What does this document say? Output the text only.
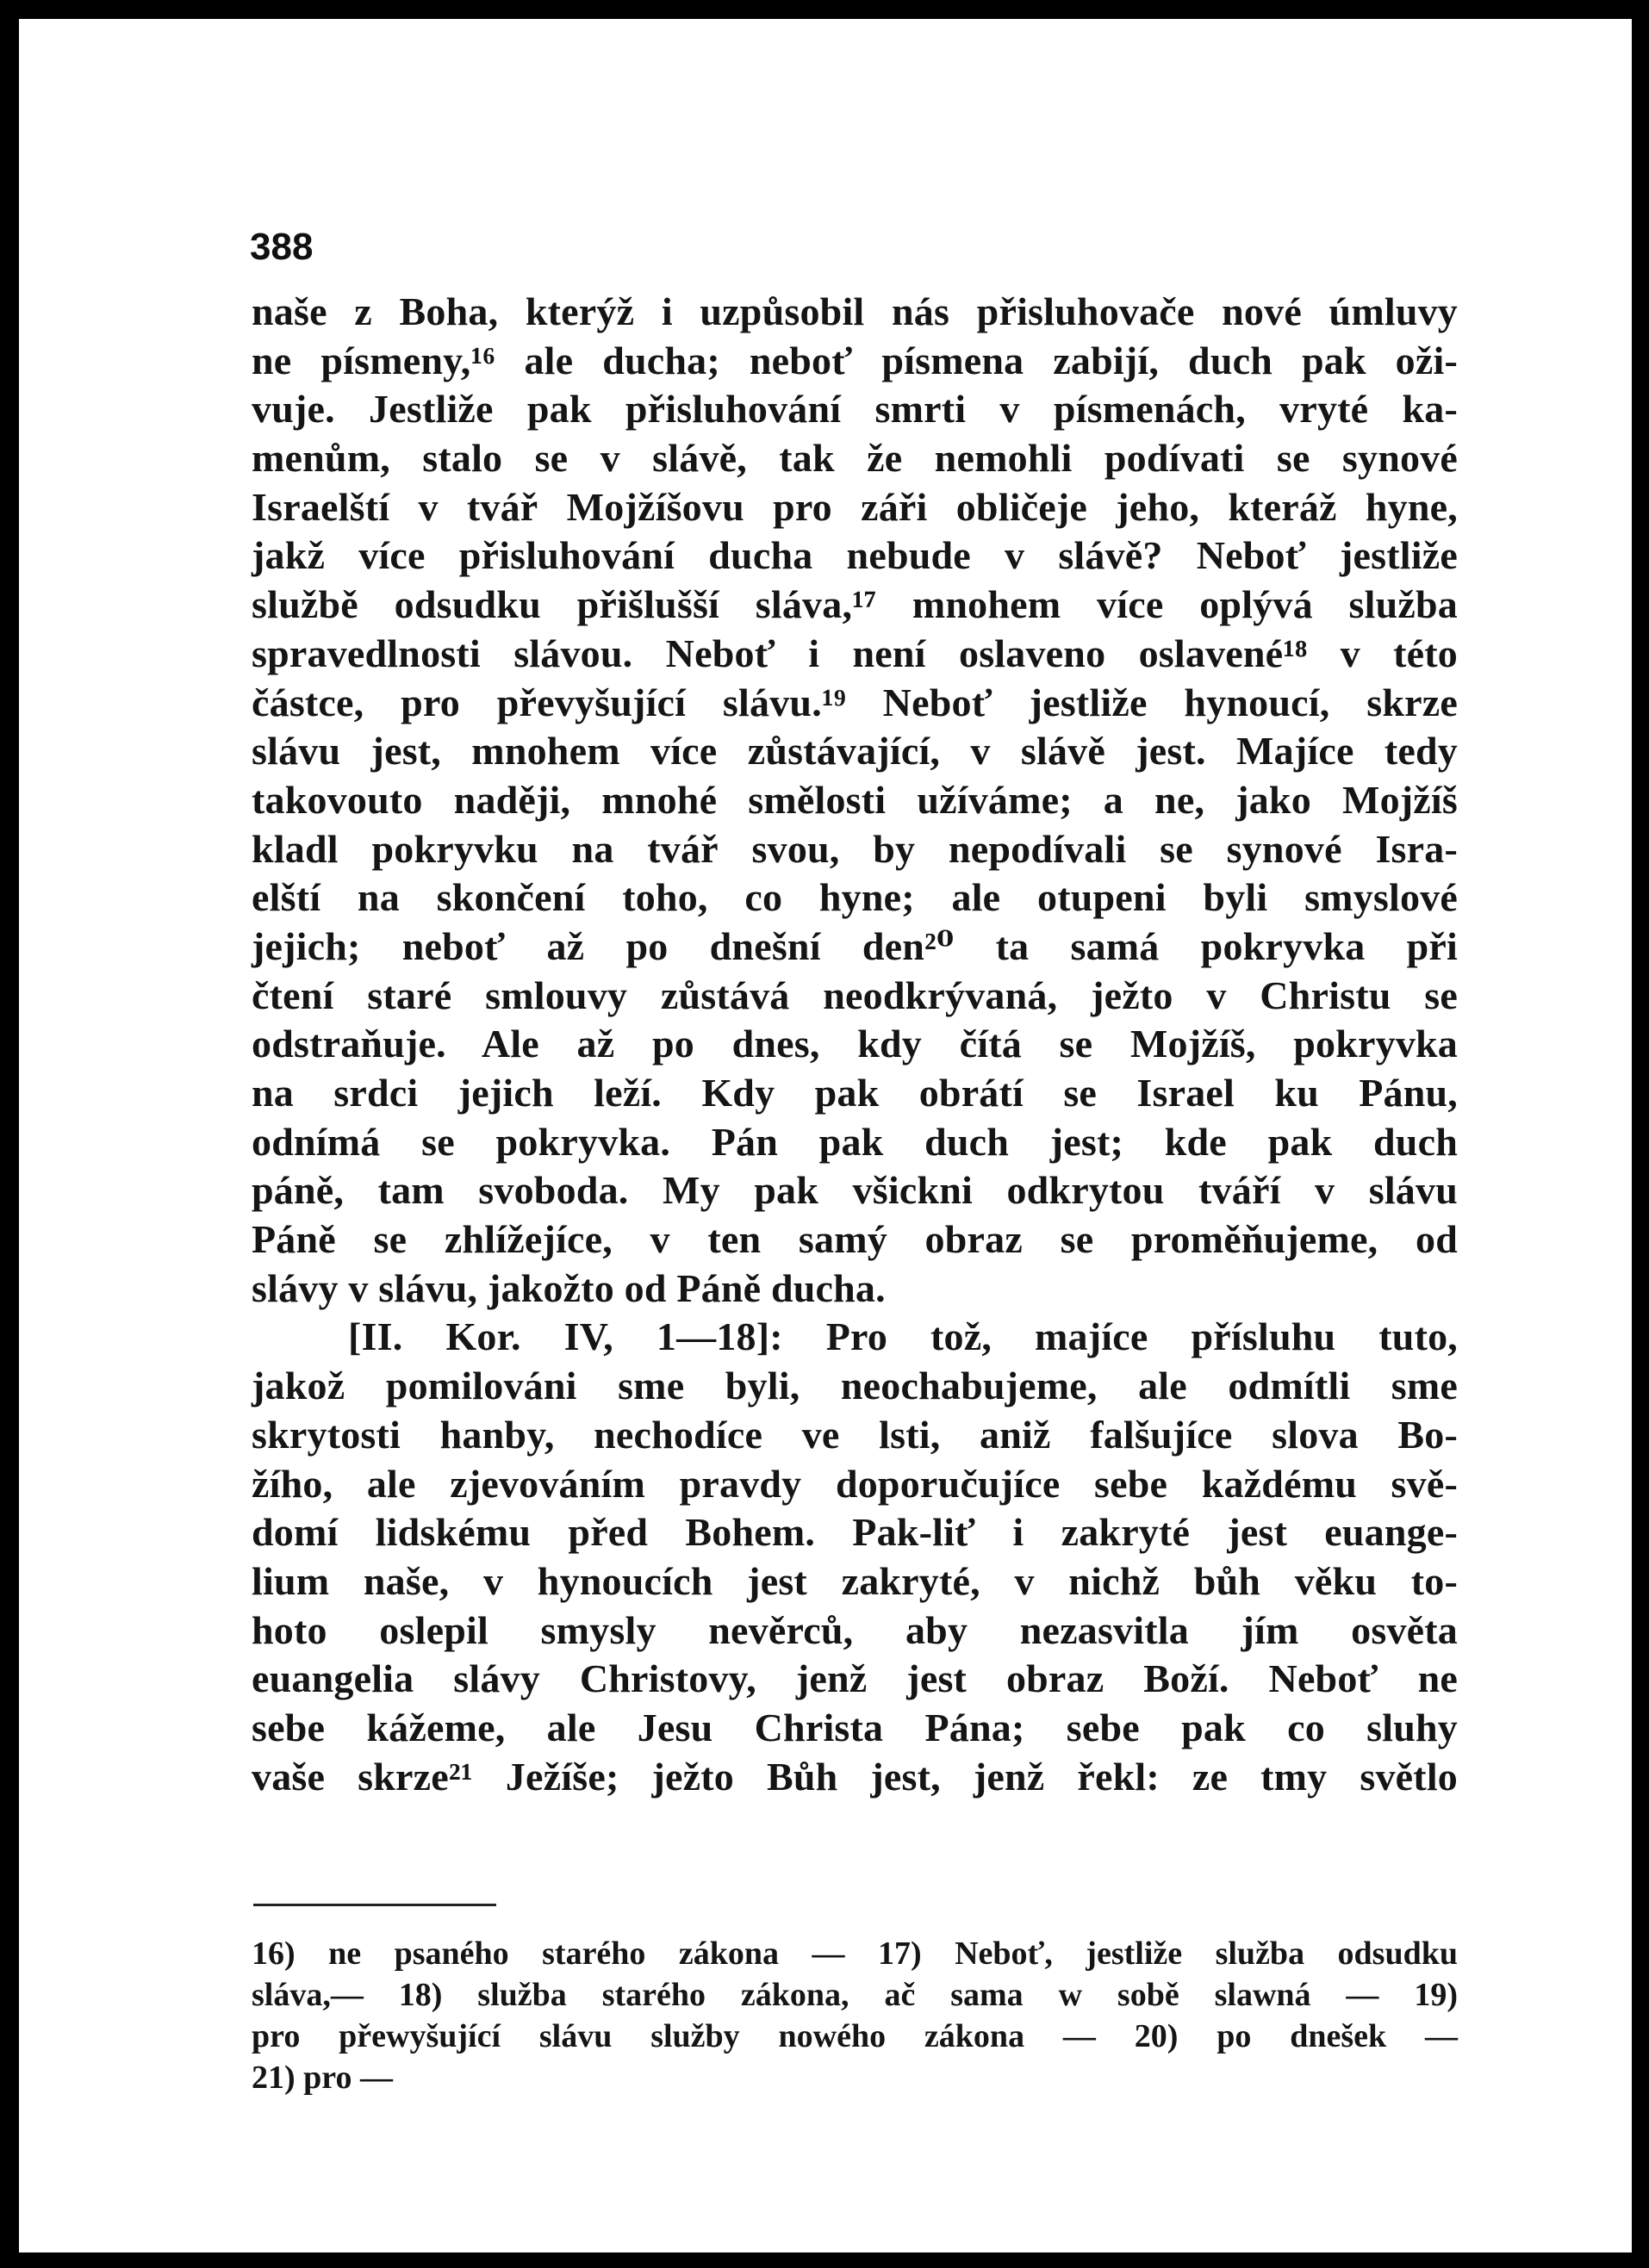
388
naše z Boha, kterýž i uzpůsobil nás přisluhovače nové úmluvy
ne písmeny,¹⁶ ale ducha; neboť písmena zabijí, duch pak oži-
vuje. Jestliže pak přisluhování smrti v písmenách, vryté ka-
menům, stalo se v slávě, tak že nemohli podívati se synové
Israelští v tvář Mojžíšovu pro záři obličeje jeho, kteráž hyne,
jakž více přisluhování ducha nebude v slávě? Neboť jestliže
službě odsudku přišlušší sláva,¹⁷ mnohem více oplývá služba
spravedlnosti slávou. Neboť i není oslaveno oslavené¹⁸ v této
částce, pro převyšující slávu.¹⁹ Neboť jestliže hynoucí, skrze
slávu jest, mnohem více zůstávající, v slávě jest. Majíce tedy
takovouto naději, mnohé smělosti užíváme; a ne, jako Mojžíš
kladl pokryvku na tvář svou, by nepodívali se synové Isra-
elští na skončení toho, co hyne; ale otupeni byli smyslové
jejich; neboť až po dnešní den²⁰ ta samá pokryvka při
čtení staré smlouvy zůstává neodkrývaná, ježto v Christu se
odstraňuje. Ale až po dnes, kdy čítá se Mojžíš, pokryvka
na srdci jejich leží. Kdy pak obrátí se Israel ku Pánu,
odnímá se pokryvka. Pán pak duch jest; kde pak duch
páně, tam svoboda. My pak všickni odkrytou tváří v slávu
Páně se zhlížejíce, v ten samý obraz se proměňujeme, od
slávy v slávu, jakožto od Páně ducha.
[II. Kor. IV, 1—18]: Pro tož, majíce přísluhu tuto,
jakož pomilováni sme byli, neochabujeme, ale odmítli sme
skrytosti hanby, nechodíce ve lsti, aniž falšujíce slova Bo-
žího, ale zjevováním pravdy doporučujíce sebe každému svě-
domí lidskému před Bohem. Pak-liť i zakryté jest euange-
lium naše, v hynoucích jest zakryté, v nichž bůh věku to-
hoto oslepil smysly nevěrců, aby nezasvitla jím osvěta
euangelia slávy Christovy, jenž jest obraz Boží. Neboť ne
sebe kážeme, ale Jesu Christa Pána; sebe pak co sluhy
vaše skrze²¹ Ježíše; ježto Bůh jest, jenž řekl: ze tmy světlo
16) ne psaného starého zákona — 17) Neboť, jestliže služba odsudku
sláva,— 18) služba starého zákona, ač sama w sobě slawná — 19)
pro přewyšující slávu služby nowého zákona — 20) po dnešek —
21) pro —
